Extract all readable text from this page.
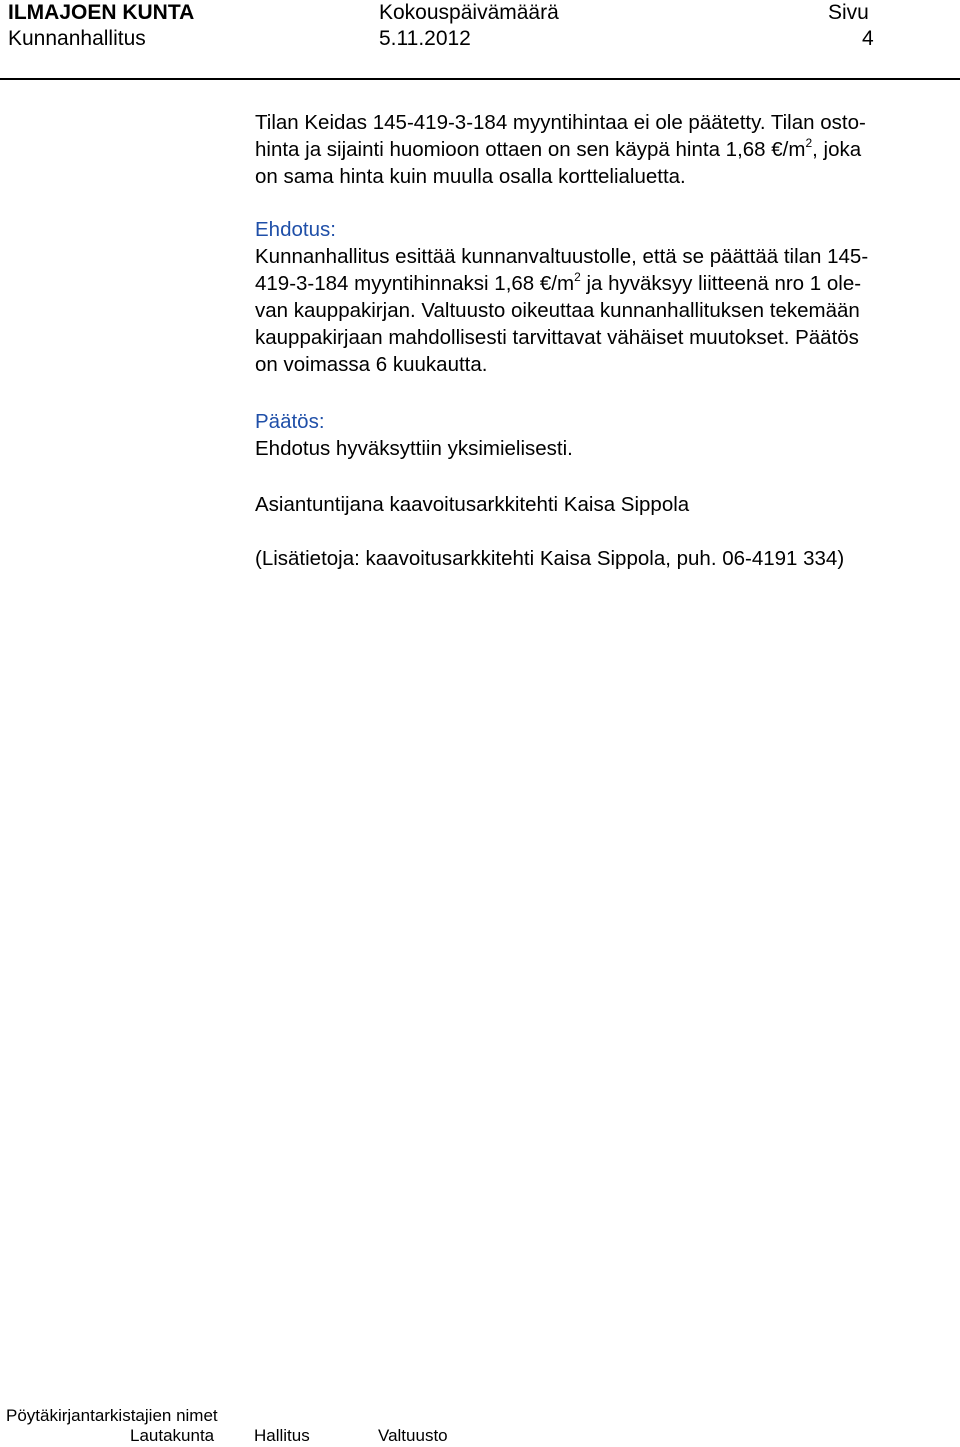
ILMAJOEN KUNTA	Kokouspäivämäärä	Sivu
Kunnanhallitus	5.11.2012	4

Tilan Keidas 145-419-3-184 myyntihintaa ei ole päätetty. Tilan osto-

hinta ja sijainti huomioon ottaen on sen käypä hinta 1,68 $€/m^2$, joka

on sama hinta kuin muulla osalla korttelialuetta.

Ehdotus:

Kunnanhallitus esittää kunnanvaltuustolle, että se päättää tilan 145-

419-3-184 myyntihinnaksi 1,68 $€/m^2$ ja hyväksyy liitteenä nro 1 ole-

van kauppakirjan. Valtuusto oikeuttaa kunnanhallituksen tekemään

kauppakirjaan mahdollisesti tarvittavat vähäiset muutokset. Päätös

on voimassa 6 kuukautta.

Päätös:

Ehdotus hyväksyttiin yksimielisesti.

Asiantuntijana kaavoitusarkkitehti Kaisa Sippola

(Lisätietoja: kaavoitusarkkitehti Kaisa Sippola, puh. 06-4191 334)

Pöytäkirjantarkistajien nimet
Lautakunta Hallitus	Valtuusto
